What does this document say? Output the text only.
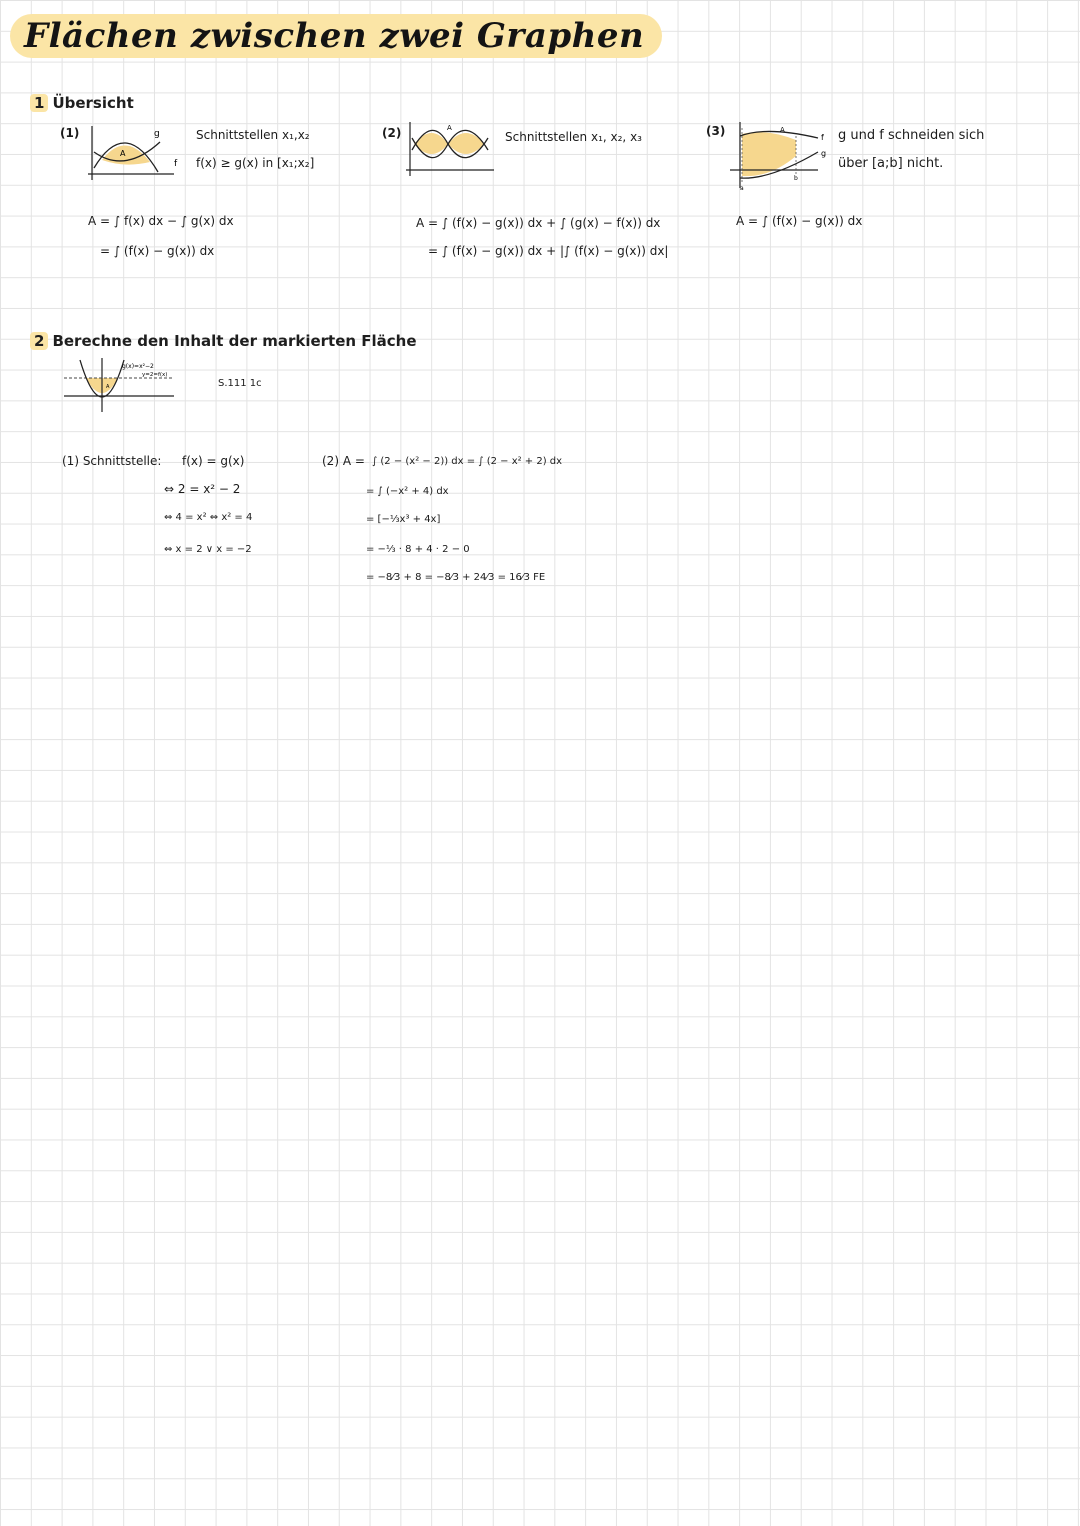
Flächen zwischen zwei Graphen
1 Übersicht
(1)
A
g
f
Schnittstellen x₁,x₂
f(x) ≥ g(x) in [x₁;x₂]
A = ∫ f(x) dx − ∫ g(x) dx
= ∫ (f(x) − g(x)) dx
(2)	A
Schnittstellen x₁, x₂, x₃
A = ∫ (f(x) − g(x)) dx + ∫ (g(x) − f(x)) dx
= ∫ (f(x) − g(x)) dx + |∫ (f(x) − g(x)) dx|
(3)	A
f
g
a
b
g und f schneiden sich
über [a;b] nicht.
A = ∫ (f(x) − g(x)) dx
2 Berechne den Inhalt der markierten Fläche
g(x)=x²−2
y=2=f(x)
A	S.111 1c
(1) Schnittstelle: f(x) = g(x)
⇔ 2 = x² − 2
⇔ 4 = x² ⇔ x² = 4
⇔ x = 2 ∨ x = −2
(2) A = ∫ (2 − (x² − 2)) dx = ∫ (2 − x² + 2) dx
= ∫ (−x² + 4) dx
= [−⅓x³ + 4x]
= −⅓ · 8 + 4 · 2 − 0
= −8⁄3 + 8 = −8⁄3 + 24⁄3 = 16⁄3 FE
